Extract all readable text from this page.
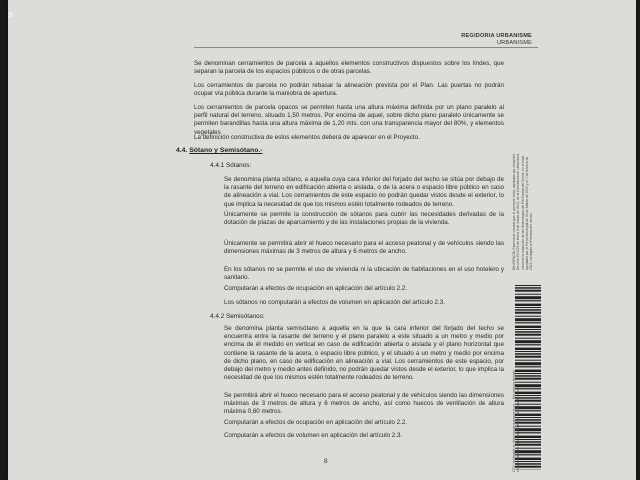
s
REGIDORIA URBANISME
URBANISME

Se denominan cerramientos de parcela a aquellos elementos constructivos dispuestos sobre los lindes, que separan la parcela de los espacios públicos o de otras parcelas.

Los cerramientos de parcela no podrán rebasar la alineación prevista por el Plan. Las puertas no podrán ocupar vía pública durante la maniobra de apertura.

Los cerramientos de parcela opacos se permiten hasta una altura máxima definida por un plano paralelo al perfil natural del terreno, situado 1,50 metros. Por encima de aquel, sobre dicho plano paralelo únicamente se permiten barandillas hasta una altura máxima de 1,20 mts. con una transparencia mayor del 80%, y elementos vegetales

La definición constructiva de estos elementos deberá de aparecer en el Proyecto.

4.4. Sótano y Semisótano.-
4.4.1 Sótanos:

Se denomina planta sótano, a aquella cuya cara inferior del forjado del techo se sitúa por debajo de la rasante del terreno en edificación abierta o aislada, o de la acera o espacio libre público en caso de alineación a vial. Los cerramientos de este espacio no podrán quedar vistos desde el exterior, lo que implica la necesidad de que los mismos estén totalmente rodeados de terreno.

Únicamente se permite la construcción de sótanos para cubrir las necesidades derivadas de la dotación de plazas de aparcamiento y de las instalaciones propias de la vivienda.

Únicamente se permitirá abrir el hueco necesario para el acceso peatonal y de vehículos siendo las dimensiones máximas de 3 metros de altura y 6 metros de ancho.

En los sótanos no se permite el uso de vivienda ni la ubicación de habitaciones en el uso hotelero y sanitario.

Computarán a efectos de ocupación en aplicación del artículo 2.2.

Los sótanos no computarán a efectos de volumen en aplicación del artículo 2.3.

4.4.2 Semisótanos:

Se denomina planta semisótano a aquella en la que la cara inferior del forjado del techo se encuentra entre la rasante del terreno y el plano paralelo a este situado a un metro y medio por encima de él medido en vertical en caso de edificación abierta o aislada y el plano horizontal que contiene la rasante de la acera, o espacio libre público, y el situado a un metro y medio por encima de dicho plano, en caso de edificación en alineación a vial. Los cerramientos de este espacio, por debajo del metro y medio antes definido, no podrán quedar vistos desde el exterior, lo que implica la necesidad de que los mismos estén totalmente rodeados de terreno.

Se permitirá abrir el hueco necesario para el acceso peatonal y de vehículos siendo las dimensiones máximas de 3 metros de altura y 6 metros de ancho, así como huecos de ventilación de altura máxima 0,60 metros.

Computarán a efectos de ocupación en aplicación del artículo 2.2.

Computarán a efectos de volumen en aplicación del artículo 2.3.

8
DILIGENCIA: Para hacer constar que el presente texto, aprobado por virtud del Decreto 2013/23 de fecha 5 de marzo de 2013, de la Conselleria de Urbanismo, contiene la redacción de las Ordenanzas del Pla Parcial del Sector, en el texto aprobado por el Pleno Municipal de 30 de Marzo de 2013 y el 7 de febrero de 2013, corregido en Plenario del mismo.
CSV: Verificable en https://sede.ajuntament.es — Documento firmado electrónicamente desde la plataforma esPublico Gestiona
